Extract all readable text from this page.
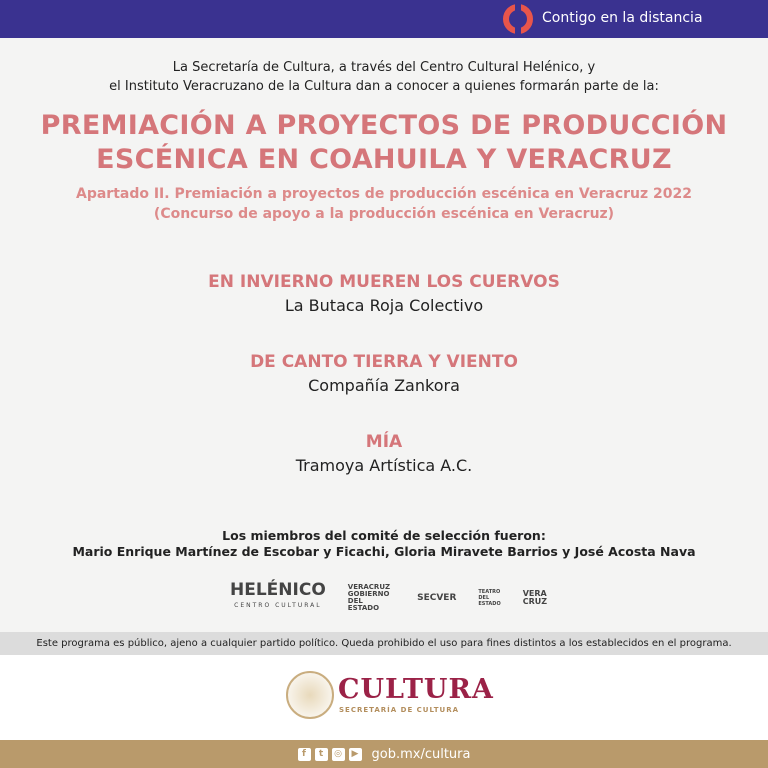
Contigo en la distancia
La Secretaría de Cultura, a través del Centro Cultural Helénico, y
el Instituto Veracruzano de la Cultura dan a conocer a quienes formarán parte de la:
PREMIACIÓN A PROYECTOS DE PRODUCCIÓN
ESCÉNICA EN COAHUILA Y VERACRUZ
Apartado II. Premiación a proyectos de producción escénica en Veracruz 2022
(Concurso de apoyo a la producción escénica en Veracruz)
EN INVIERNO MUEREN LOS CUERVOS
La Butaca Roja Colectivo
DE CANTO TIERRA Y VIENTO
Compañía Zankora
MÍA
Tramoya Artística A.C.
Los miembros del comité de selección fueron:
Mario Enrique Martínez de Escobar y Ficachi, Gloria Miravete Barrios y José Acosta Nava
HELÉNICO
CENTRO CULTURAL
VERACRUZ GOBIERNO DEL ESTADO
SECVER
TEATRO DEL ESTADO
VERA CRUZ
Este programa es público, ajeno a cualquier partido político. Queda prohibido el uso para fines distintos a los establecidos en el programa.
CULTURA
SECRETARÍA DE CULTURA
f	t	◎	▶ gob.mx/cultura
